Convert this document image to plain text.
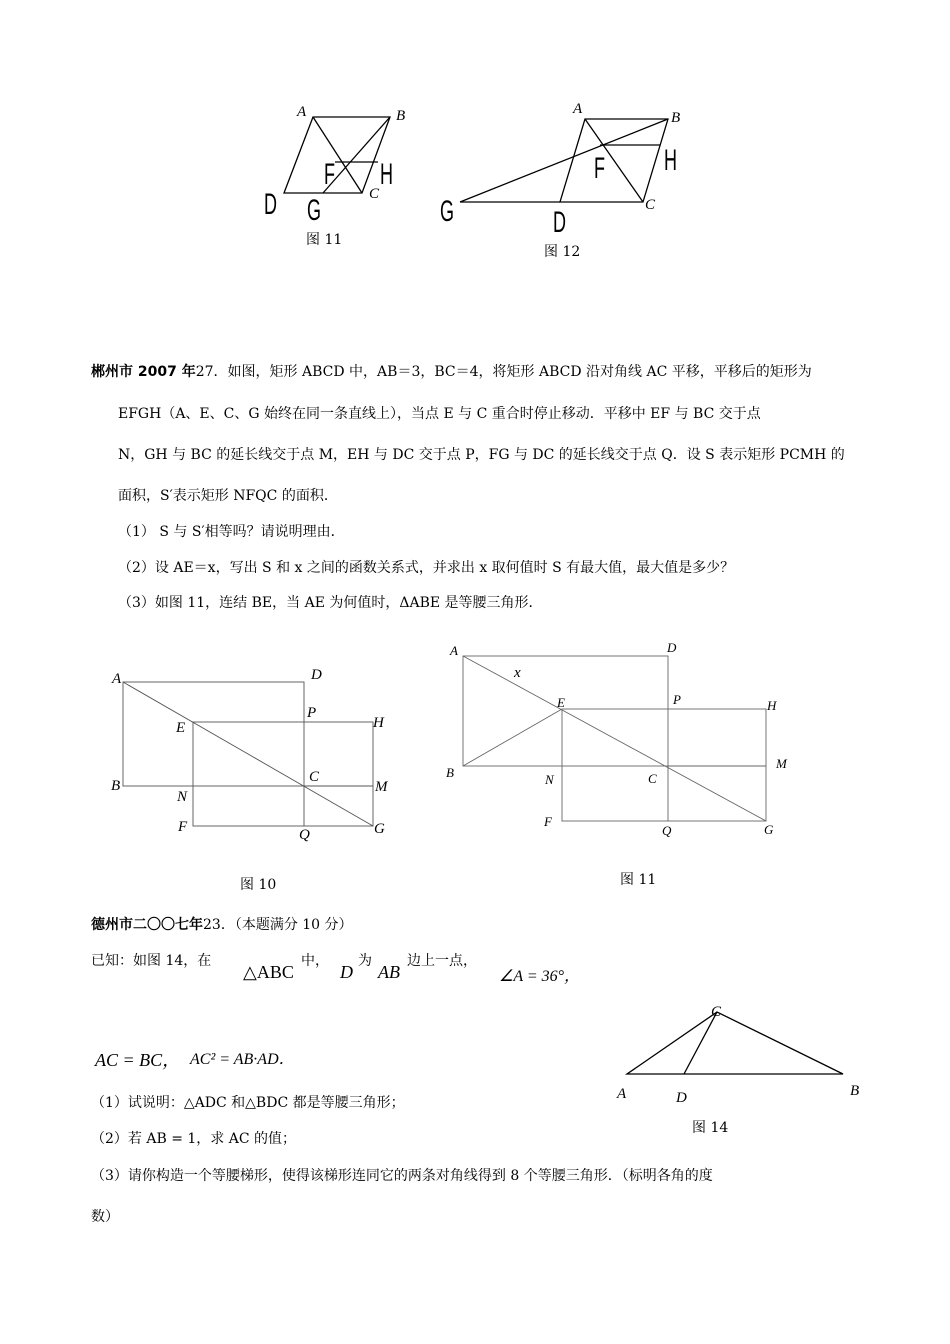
A	B
C
D
F
G
H
图 11
A
B
C
D
F
G
H
图 12
郴州市 2007 年27．如图，矩形 ABCD 中，AB＝3，BC＝4，将矩形 ABCD 沿对角线 AC 平移，平移后的矩形为
EFGH（A、E、C、G 始终在同一条直线上），当点 E 与 C 重合时停止移动．平移中 EF 与 BC 交于点
N，GH 与 BC 的延长线交于点 M，EH 与 DC 交于点 P，FG 与 DC 的延长线交于点 Q．设 S 表示矩形 PCMH 的
面积，S′表示矩形 NFQC 的面积．
（1） S 与 S′相等吗？请说明理由．
（2）设 AE＝x，写出 S 和 x 之间的函数关系式，并求出 x 取何值时 S 有最大值，最大值是多少？
（3）如图 11，连结 BE，当 AE 为何值时，ΔABE 是等腰三角形．
A	D
E
P
H
B
C
M
N
F	Q	G
图 10
A	D
x
E	P	H
B	N	C
M
F
Q	G
图 11
德州市二〇〇七年23．（本题满分 10 分）
已知：如图 14，在
△ABC
中，
D
为
AB
边上一点，
∠A = 36°，
AC = BC， AC² = AB·AD．
（1）试说明：△ADC 和△BDC 都是等腰三角形；
（2）若 AB = 1，求 AC 的值；
（3）请你构造一个等腰梯形，使得该梯形连同它的两条对角线得到 8 个等腰三角形．（标明各角的度
数）
C
A	D	B
图 14
